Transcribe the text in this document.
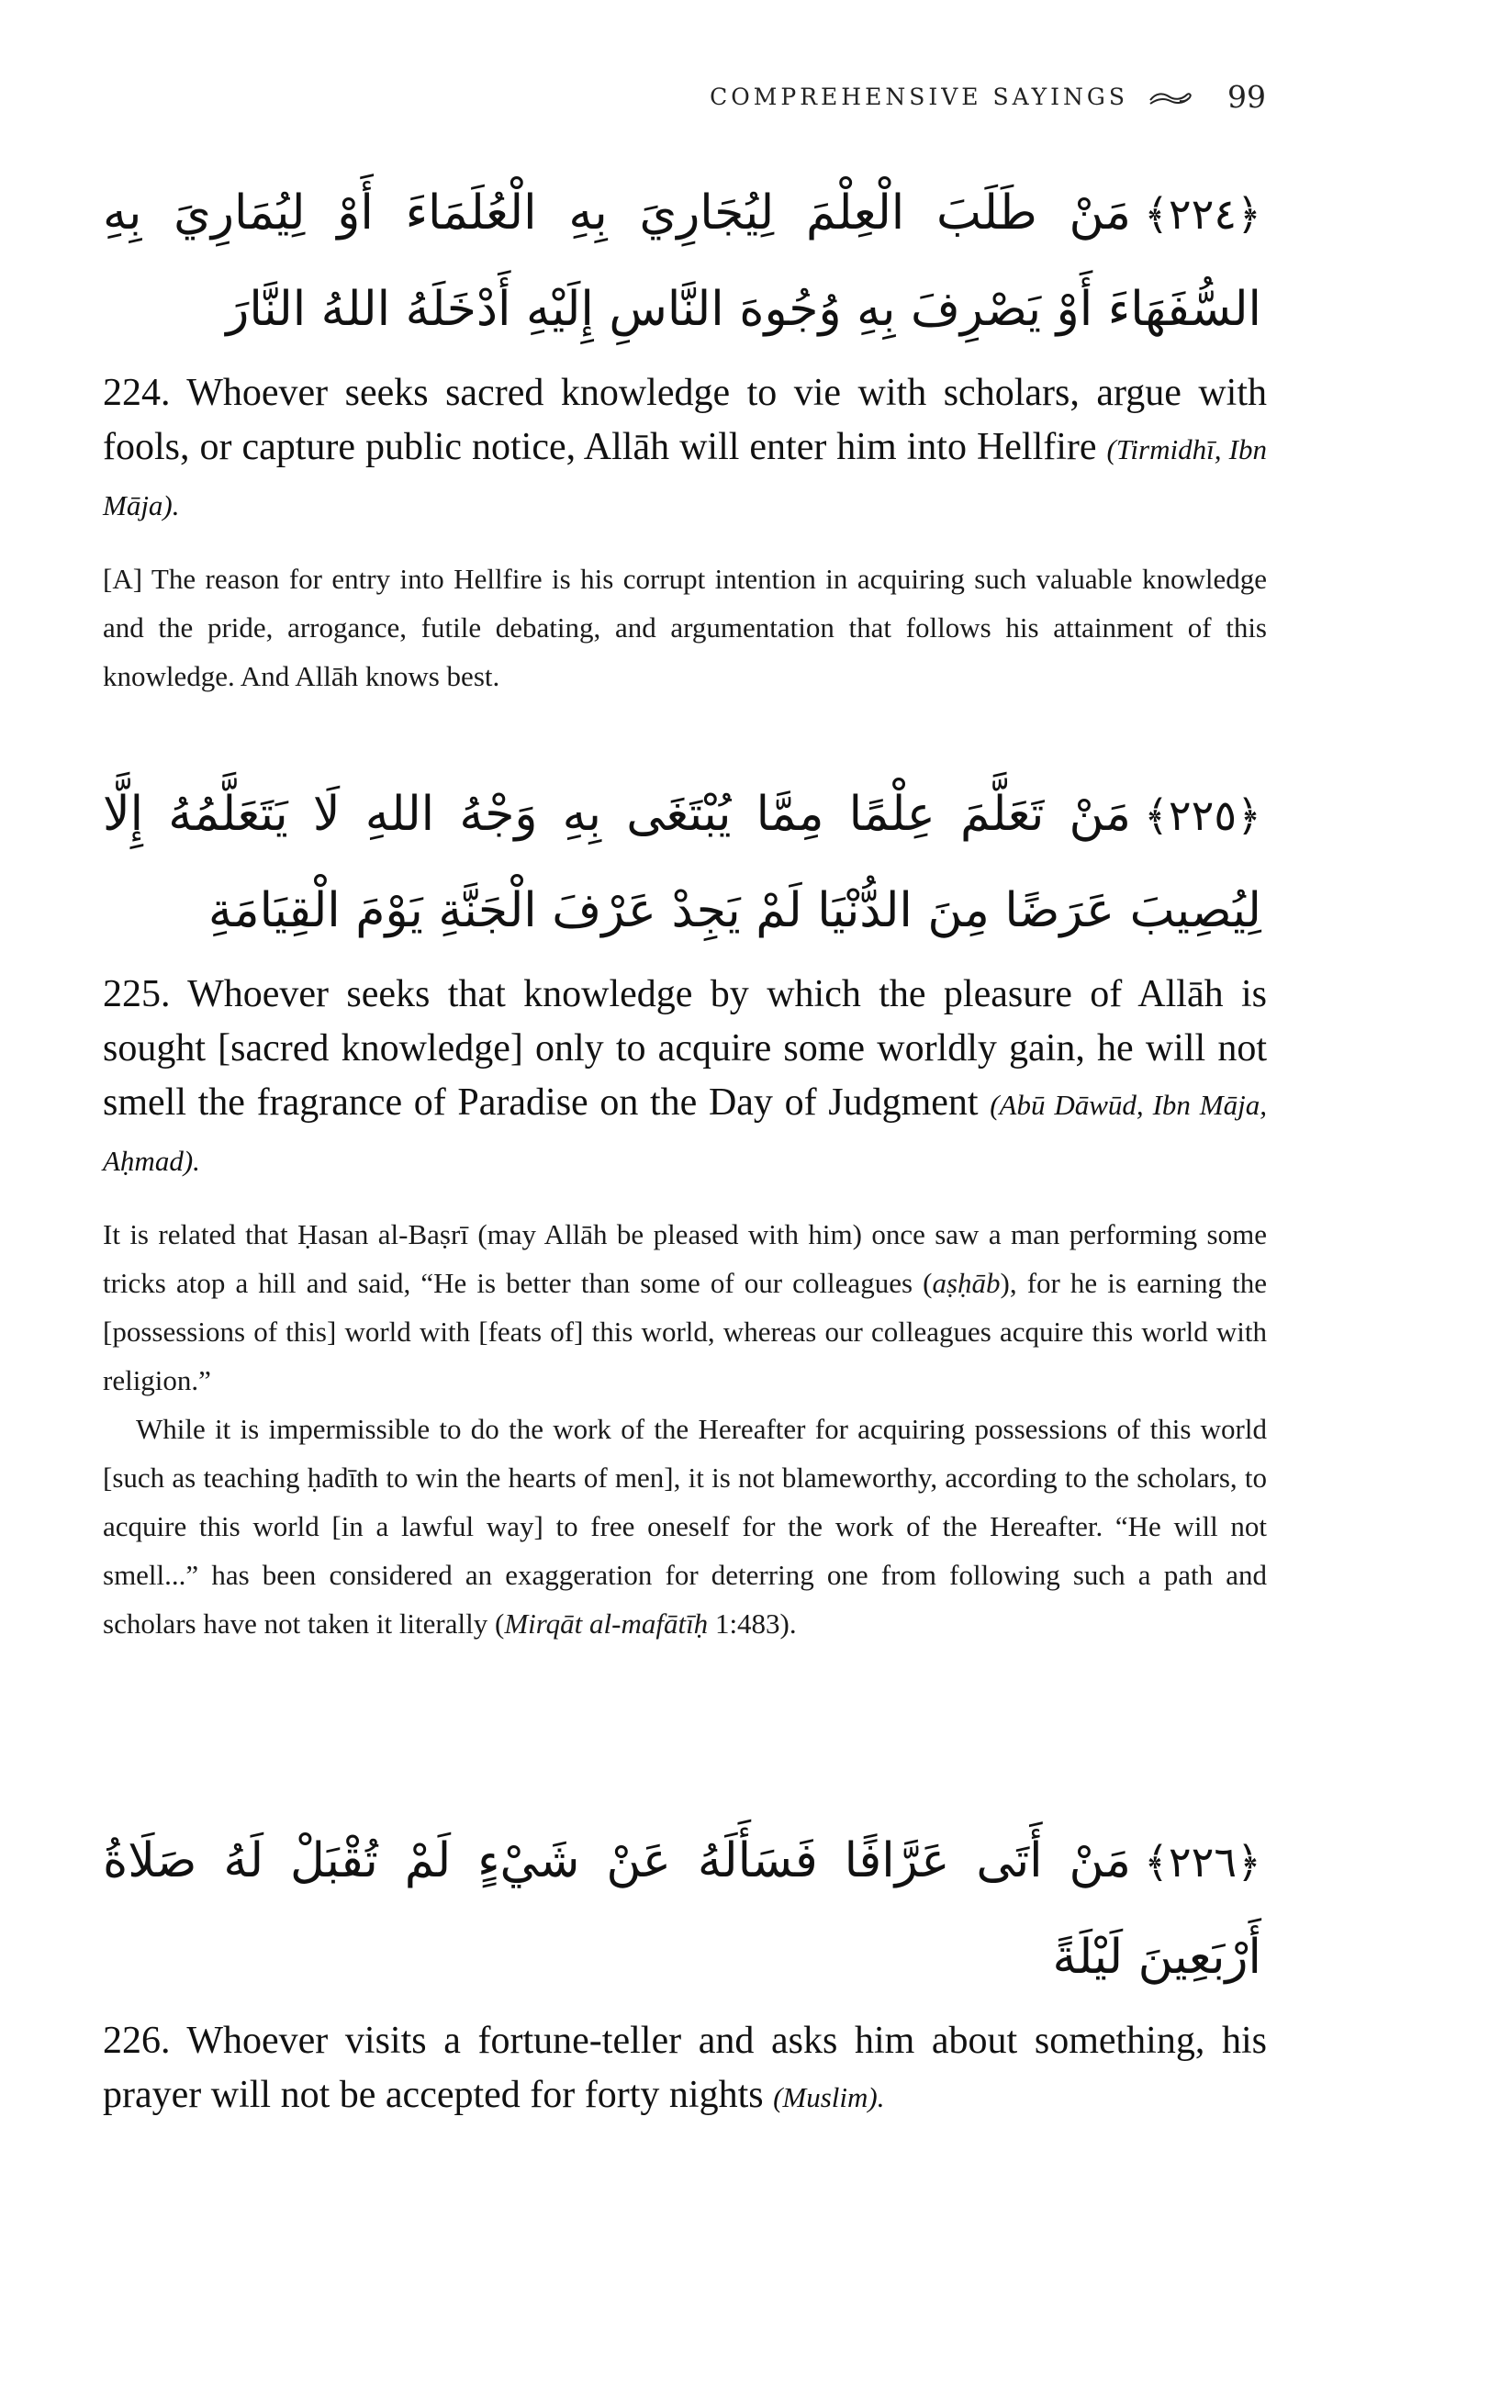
COMPREHENSIVE SAYINGS	99

﴿٢٢٤﴾مَنْ طَلَبَ الْعِلْمَ لِيُجَارِيَ بِهِ الْعُلَمَاءَ أَوْ لِيُمَارِيَ بِهِ السُّفَهَاءَ أَوْ يَصْرِفَ بِهِ وُجُوهَ النَّاسِ إِلَيْهِ أَدْخَلَهُ اللهُ النَّارَ

224. Whoever seeks sacred knowledge to vie with scholars, argue with fools, or capture public notice, Allāh will enter him into Hellfire (Tirmidhī, Ibn Māja).

[A] The reason for entry into Hellfire is his corrupt intention in acquiring such valuable knowledge and the pride, arrogance, futile debating, and argumentation that follows his attainment of this knowledge. And Allāh knows best.

﴿٢٢٥﴾مَنْ تَعَلَّمَ عِلْمًا مِمَّا يُبْتَغَى بِهِ وَجْهُ اللهِ لَا يَتَعَلَّمُهُ إِلَّا لِيُصِيبَ عَرَضًا مِنَ الدُّنْيَا لَمْ يَجِدْ عَرْفَ الْجَنَّةِ يَوْمَ الْقِيَامَةِ

225. Whoever seeks that knowledge by which the pleasure of Allāh is sought [sacred knowledge] only to acquire some worldly gain, he will not smell the fragrance of Paradise on the Day of Judgment (Abū Dāwūd, Ibn Māja, Aḥmad).

It is related that Ḥasan al-Baṣrī (may Allāh be pleased with him) once saw a man performing some tricks atop a hill and said, “He is better than some of our colleagues (aṣḥāb), for he is earning the [possessions of this] world with [feats of] this world, whereas our colleagues acquire this world with religion.”

While it is impermissible to do the work of the Hereafter for acquiring possessions of this world [such as teaching ḥadīth to win the hearts of men], it is not blameworthy, according to the scholars, to acquire this world [in a lawful way] to free oneself for the work of the Hereafter. “He will not smell...” has been considered an exaggeration for deterring one from following such a path and scholars have not taken it literally (Mirqāt al-mafātīḥ 1:483).

﴿٢٢٦﴾مَنْ أَتَى عَرَّافًا فَسَأَلَهُ عَنْ شَيْءٍ لَمْ تُقْبَلْ لَهُ صَلَاةُ أَرْبَعِينَ لَيْلَةً

226. Whoever visits a fortune-teller and asks him about something, his prayer will not be accepted for forty nights (Muslim).
